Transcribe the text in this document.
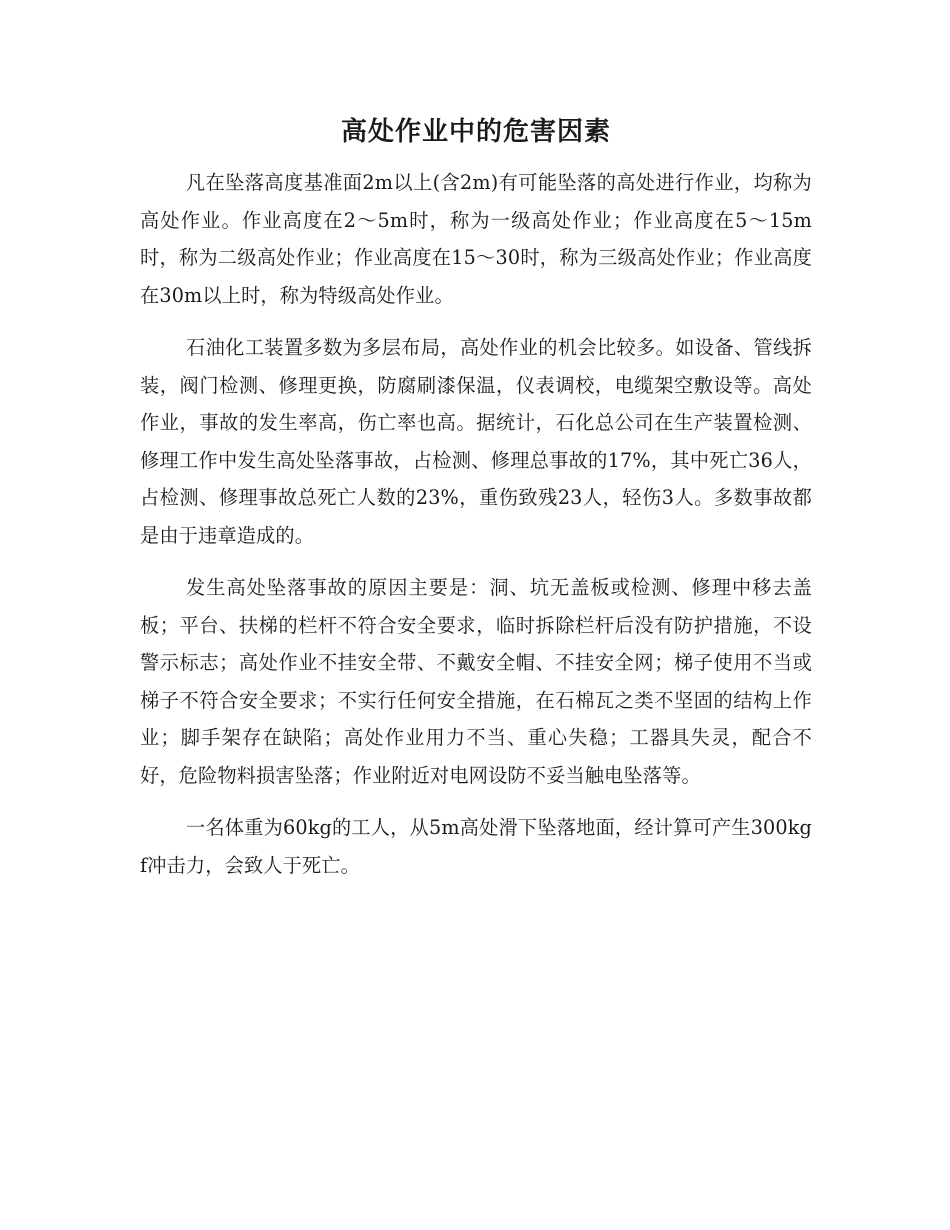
高处作业中的危害因素

凡在坠落高度基准面2m以上(含2m)有可能坠落的高处进行作业，均称为高处作业。作业高度在2～5m时，称为一级高处作业；作业高度在5～15m时，称为二级高处作业；作业高度在15～30时，称为三级高处作业；作业高度在30m以上时，称为特级高处作业。

石油化工装置多数为多层布局，高处作业的机会比较多。如设备、管线拆装，阀门检测、修理更换，防腐刷漆保温，仪表调校，电缆架空敷设等。高处作业，事故的发生率高，伤亡率也高。据统计，石化总公司在生产装置检测、修理工作中发生高处坠落事故，占检测、修理总事故的17%，其中死亡36人，占检测、修理事故总死亡人数的23%，重伤致残23人，轻伤3人。多数事故都是由于违章造成的。

发生高处坠落事故的原因主要是：洞、坑无盖板或检测、修理中移去盖板；平台、扶梯的栏杆不符合安全要求，临时拆除栏杆后没有防护措施，不设警示标志；高处作业不挂安全带、不戴安全帽、不挂安全网；梯子使用不当或梯子不符合安全要求；不实行任何安全措施，在石棉瓦之类不坚固的结构上作业；脚手架存在缺陷；高处作业用力不当、重心失稳；工器具失灵，配合不好，危险物料损害坠落；作业附近对电网设防不妥当触电坠落等。

一名体重为60kg的工人，从5m高处滑下坠落地面，经计算可产生300kgf冲击力，会致人于死亡。
